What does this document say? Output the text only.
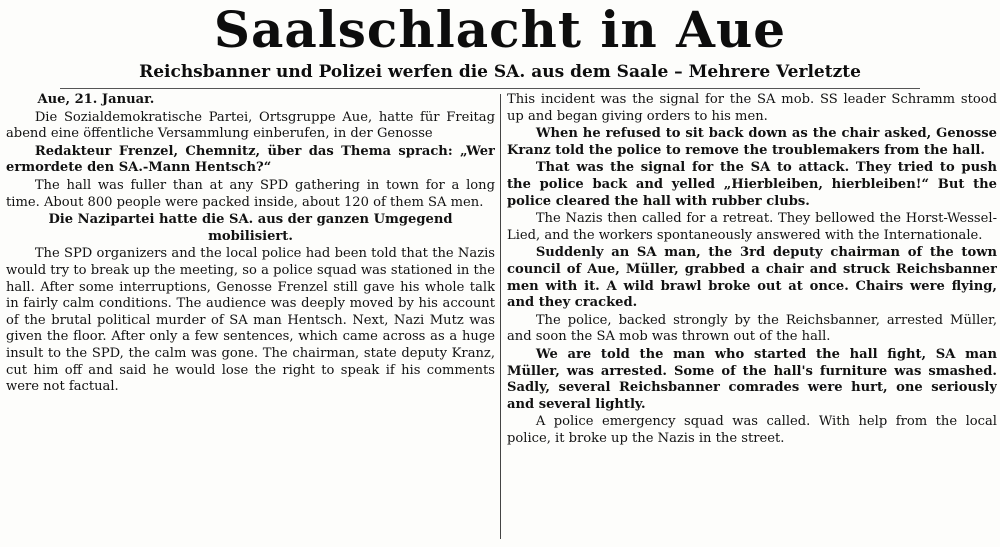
Saalschlacht in Aue
Reichsbanner und Polizei werfen die SA. aus dem Saale – Mehrere Verletzte

Aue, 21. Januar.

Die Sozialdemokratische Partei, Ortsgruppe Aue, hatte für Freitag abend eine öffentliche Versammlung einberufen, in der Genosse

Redakteur Frenzel, Chemnitz, über das Thema sprach: „Wer ermordete den SA.-Mann Hentsch?“

The hall was fuller than at any SPD gathering in town for a long time. About 800 people were packed inside, about 120 of them SA men.

Die Nazipartei hatte die SA. aus der ganzen Umgegend mobilisiert.

The SPD organizers and the local police had been told that the Nazis would try to break up the meeting, so a police squad was stationed in the hall. After some interruptions, Genosse Frenzel still gave his whole talk in fairly calm conditions. The audience was deeply moved by his account of the brutal political murder of SA man Hentsch. Next, Nazi Mutz was given the floor. After only a few sentences, which came across as a huge insult to the SPD, the calm was gone. The chairman, state deputy Kranz, cut him off and said he would lose the right to speak if his comments were not factual.

This incident was the signal for the SA mob. SS leader Schramm stood up and began giving orders to his men.

When he refused to sit back down as the chair asked, Genosse Kranz told the police to remove the troublemakers from the hall.

That was the signal for the SA to attack. They tried to push the police back and yelled „Hierbleiben, hierbleiben!“ But the police cleared the hall with rubber clubs.

The Nazis then called for a retreat. They bellowed the Horst-Wessel-Lied, and the workers spontaneously answered with the Internationale.

Suddenly an SA man, the 3rd deputy chairman of the town council of Aue, Müller, grabbed a chair and struck Reichsbanner men with it. A wild brawl broke out at once. Chairs were flying, and they cracked.

The police, backed strongly by the Reichsbanner, arrested Müller, and soon the SA mob was thrown out of the hall.

We are told the man who started the hall fight, SA man Müller, was arrested. Some of the hall's furniture was smashed. Sadly, several Reichsbanner comrades were hurt, one seriously and several lightly.

A police emergency squad was called. With help from the local police, it broke up the Nazis in the street.
